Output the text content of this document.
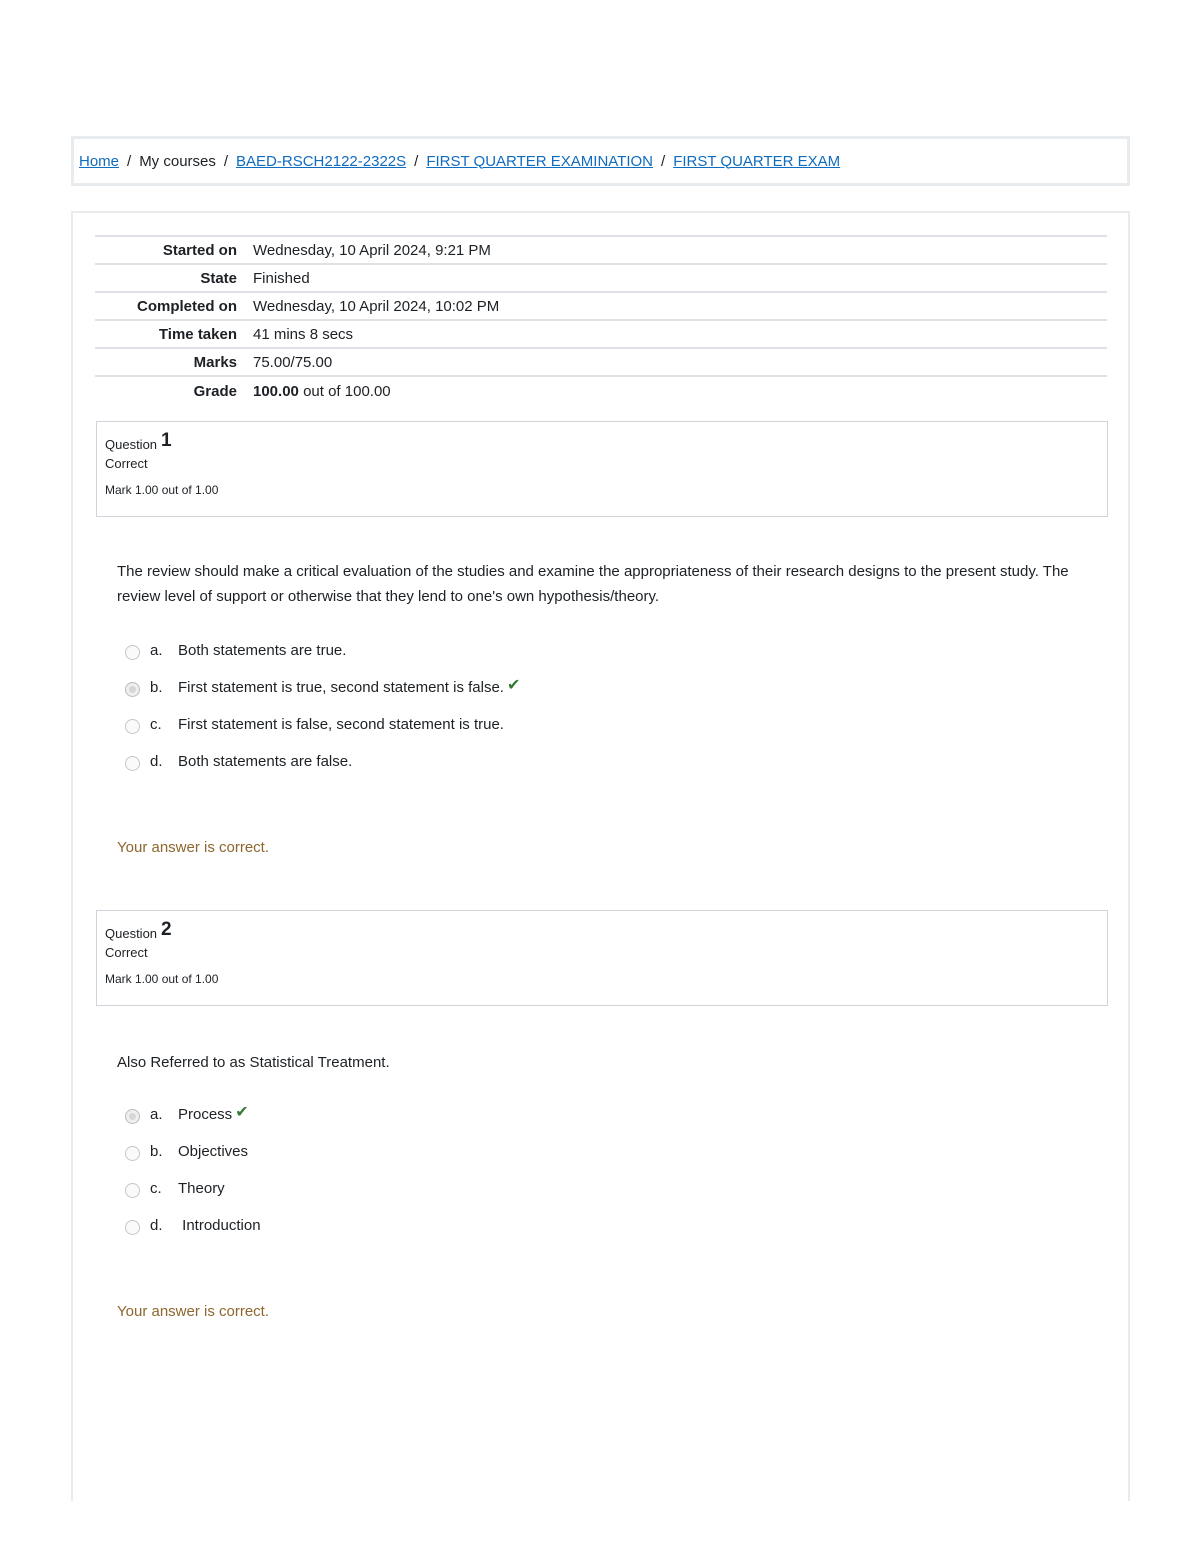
Home / My courses / BAED-RSCH2122-2322S / FIRST QUARTER EXAMINATION / FIRST QUARTER EXAM
Started on	Wednesday, 10 April 2024, 9:21 PM
State	Finished
Completed on	Wednesday, 10 April 2024, 10:02 PM
Time taken	41 mins 8 secs
Marks	75.00/75.00
Grade	100.00 out of 100.00
Question 1
Correct
Mark 1.00 out of 1.00
The review should make a critical evaluation of the studies and examine the appropriateness of their research designs to the present study. The review level of support or otherwise that they lend to one's own hypothesis/theory.
a.	Both statements are true.
b.	First statement is true, second statement is false. ✔
c.	First statement is false, second statement is true.
d.	Both statements are false.
Your answer is correct.
Question 2
Correct
Mark 1.00 out of 1.00
Also Referred to as Statistical Treatment.
a.	Process ✔
b.	Objectives
c.	Theory
d.	Introduction
Your answer is correct.
